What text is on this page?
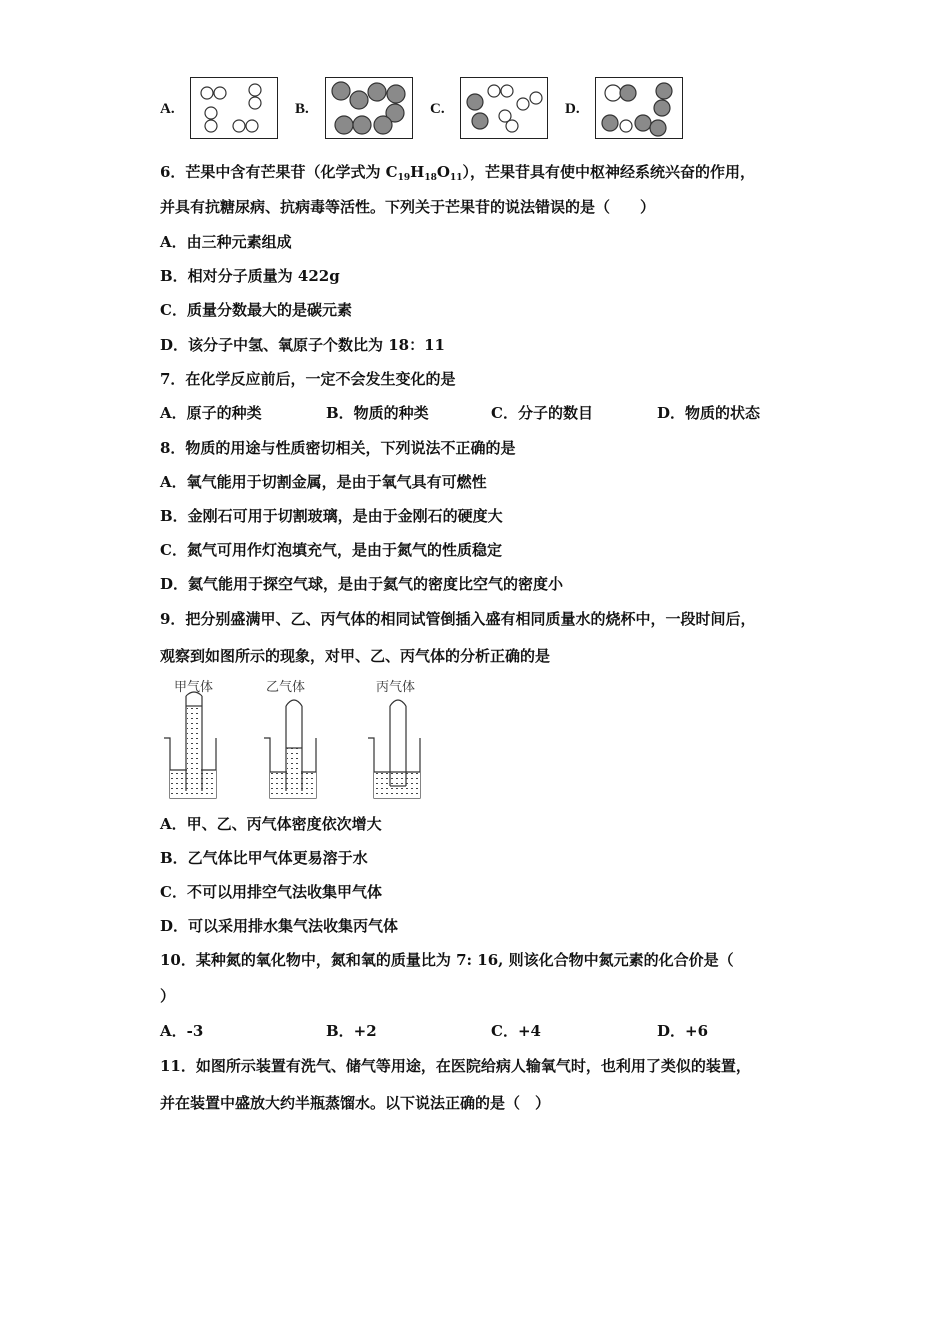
A.	B.	C.	D.
6．芒果中含有芒果苷（化学式为 $C_{19}H_{18}O_{11}$），芒果苷具有使中枢神经系统兴奋的作用，
并具有抗糖尿病、抗病毒等活性。下列关于芒果苷的说法错误的是（　　）
A．由三种元素组成
B．相对分子质量为 422g
C．质量分数最大的是碳元素
D．该分子中氢、氧原子个数比为 18：11
7．在化学反应前后，一定不会发生变化的是
A．原子的种类	B．物质的种类	C．分子的数目	D．物质的状态
8．物质的用途与性质密切相关，下列说法不正确的是
A．氧气能用于切割金属，是由于氧气具有可燃性
B．金刚石可用于切割玻璃，是由于金刚石的硬度大
C．氮气可用作灯泡填充气，是由于氮气的性质稳定
D．氦气能用于探空气球，是由于氦气的密度比空气的密度小
9．把分别盛满甲、乙、丙气体的相同试管倒插入盛有相同质量水的烧杯中，一段时间后，
观察到如图所示的现象，对甲、乙、丙气体的分析正确的是
甲气体	乙气体	丙气体
A．甲、乙、丙气体密度依次增大
B．乙气体比甲气体更易溶于水
C．不可以用排空气法收集甲气体
D．可以采用排水集气法收集丙气体
10．某种氮的氧化物中，氮和氧的质量比为 7: 16, 则该化合物中氮元素的化合价是（
）
A．-3	B．+2	C．+4	D．+6
11．如图所示装置有洗气、储气等用途，在医院给病人输氧气时，也利用了类似的装置，
并在装置中盛放大约半瓶蒸馏水。以下说法正确的是（　）
